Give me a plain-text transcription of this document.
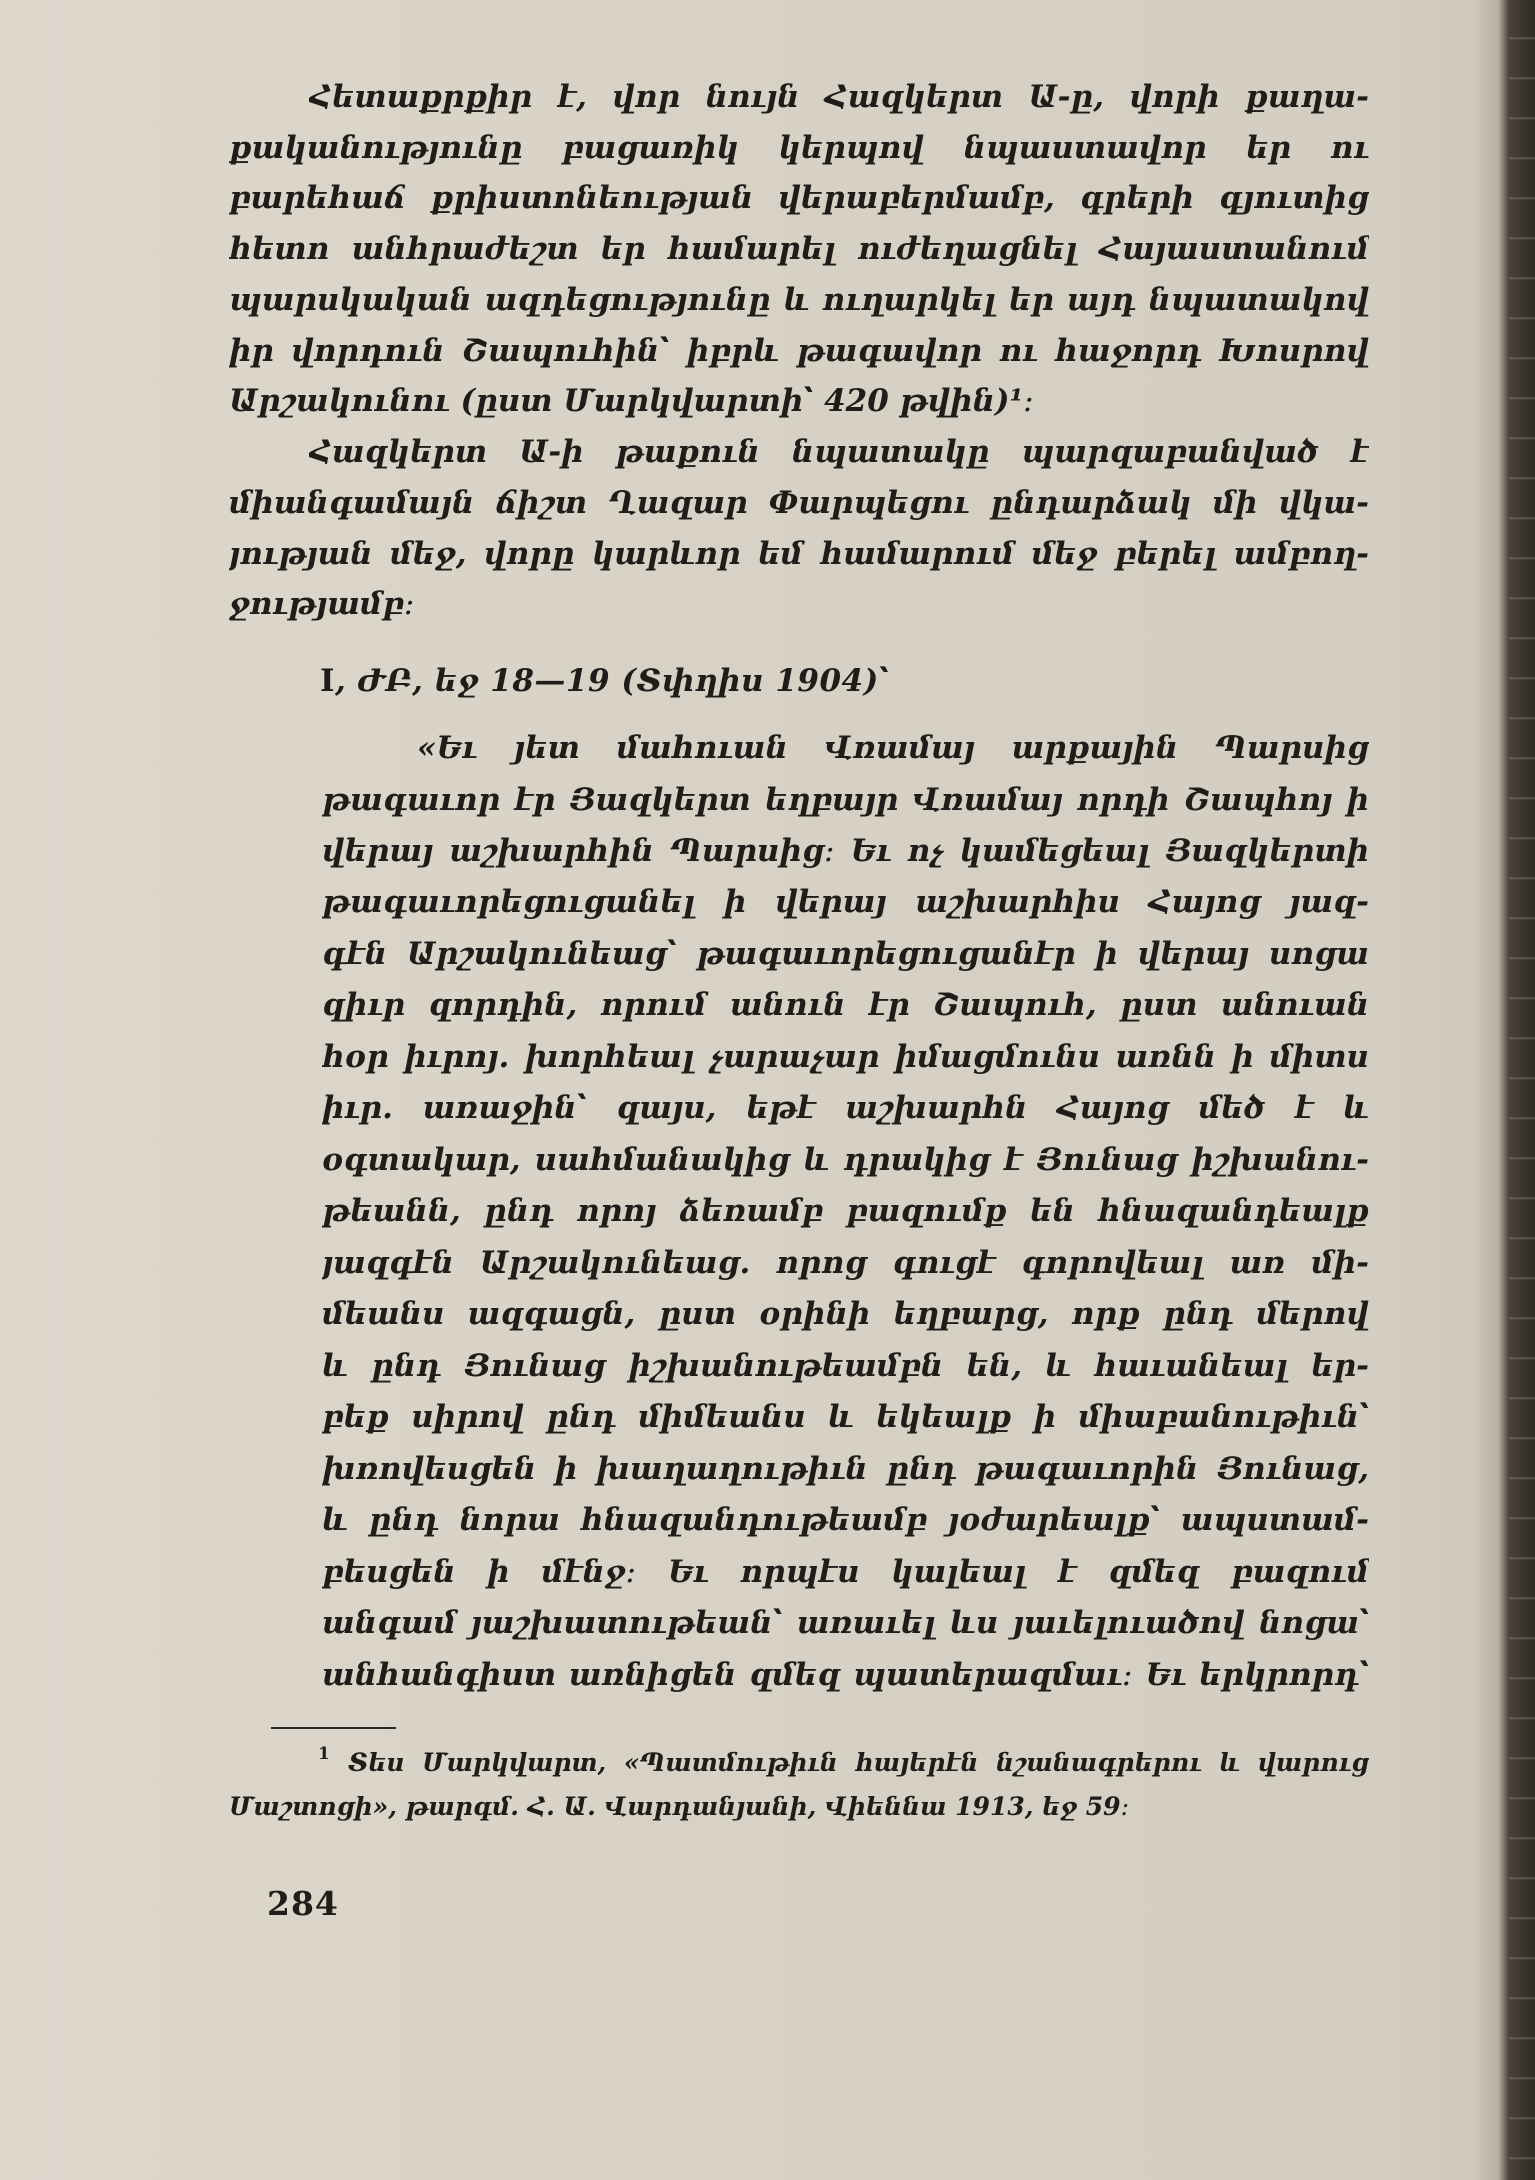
Հետաքրքիր է, վոր նույն Հազկերտ Ա-ը, վորի քաղա-
քականությունը բացառիկ կերպով նպաստավոր եր ու
բարեհաճ քրիստոնեության վերաբերմամբ, գրերի գյուտից
հետո անհրաժեշտ եր համարել ուժեղացնել Հայաստանում
պարսկական ազդեցությունը և ուղարկել եր այդ նպատակով
իր վորդուն Շապուհին՝ իբրև թագավոր ու հաջորդ Խոսրով
Արշակունու (ըստ Մարկվարտի՝ 420 թվին)¹։
Հազկերտ Ա-ի թաքուն նպատակը պարզաբանված է
միանգամայն ճիշտ Ղազար Փարպեցու ընդարձակ մի վկա-
յության մեջ, վորը կարևոր եմ համարում մեջ բերել ամբող-
ջությամբ։
I, ԺԲ, եջ 18—19 (Տփղիս 1904)՝
«Եւ յետ մահուան Վռամայ արքային Պարսից
թագաւոր էր Յազկերտ եղբայր Վռամայ որդի Շապհոյ ի
վերայ աշխարհին Պարսից։ Եւ ոչ կամեցեալ Յազկերտի
թագաւորեցուցանել ի վերայ աշխարհիս Հայոց յազ-
գէն Արշակունեաց՝ թագաւորեցուցանէր ի վերայ սոցա
զիւր զորդին, որում անուն էր Շապուհ, ըստ անուան
հօր իւրոյ. խորհեալ չարաչար իմացմունս առնն ի միտս
իւր. առաջին՝ զայս, եթէ աշխարհն Հայոց մեծ է և
օգտակար, սահմանակից և դրակից է Յունաց իշխանու-
թեանն, ընդ որոյ ձեռամբ բազումք են հնազանդեալք
յազգէն Արշակունեաց. որոց գուցէ գորովեալ առ մի-
մեանս ազգացն, ըստ օրինի եղբարց, որք ընդ մերով
և ընդ Յունաց իշխանութեամբն են, և հաւանեալ եր-
բեք սիրով ընդ միմեանս և եկեալք ի միաբանութիւն՝
խռովեսցեն ի խաղաղութիւն ընդ թագաւորին Յունաց,
և ընդ նորա հնազանդութեամբ յօժարեալք՝ ապստամ-
բեսցեն ի մէնջ։ Եւ որպէս կալեալ է զմեզ բազում
անգամ յաշխատութեան՝ առաւել ևս յաւելուածով նոցա՝
անհանգիստ առնիցեն զմեզ պատերազմաւ։ Եւ երկրորդ՝
1 Տես Մարկվարտ, «Պատմութիւն հայերէն նշանագրերու և վարուց
Մաշտոցի», թարգմ. Հ. Ա. Վարդանյանի, Վիեննա 1913, եջ 59։
284
